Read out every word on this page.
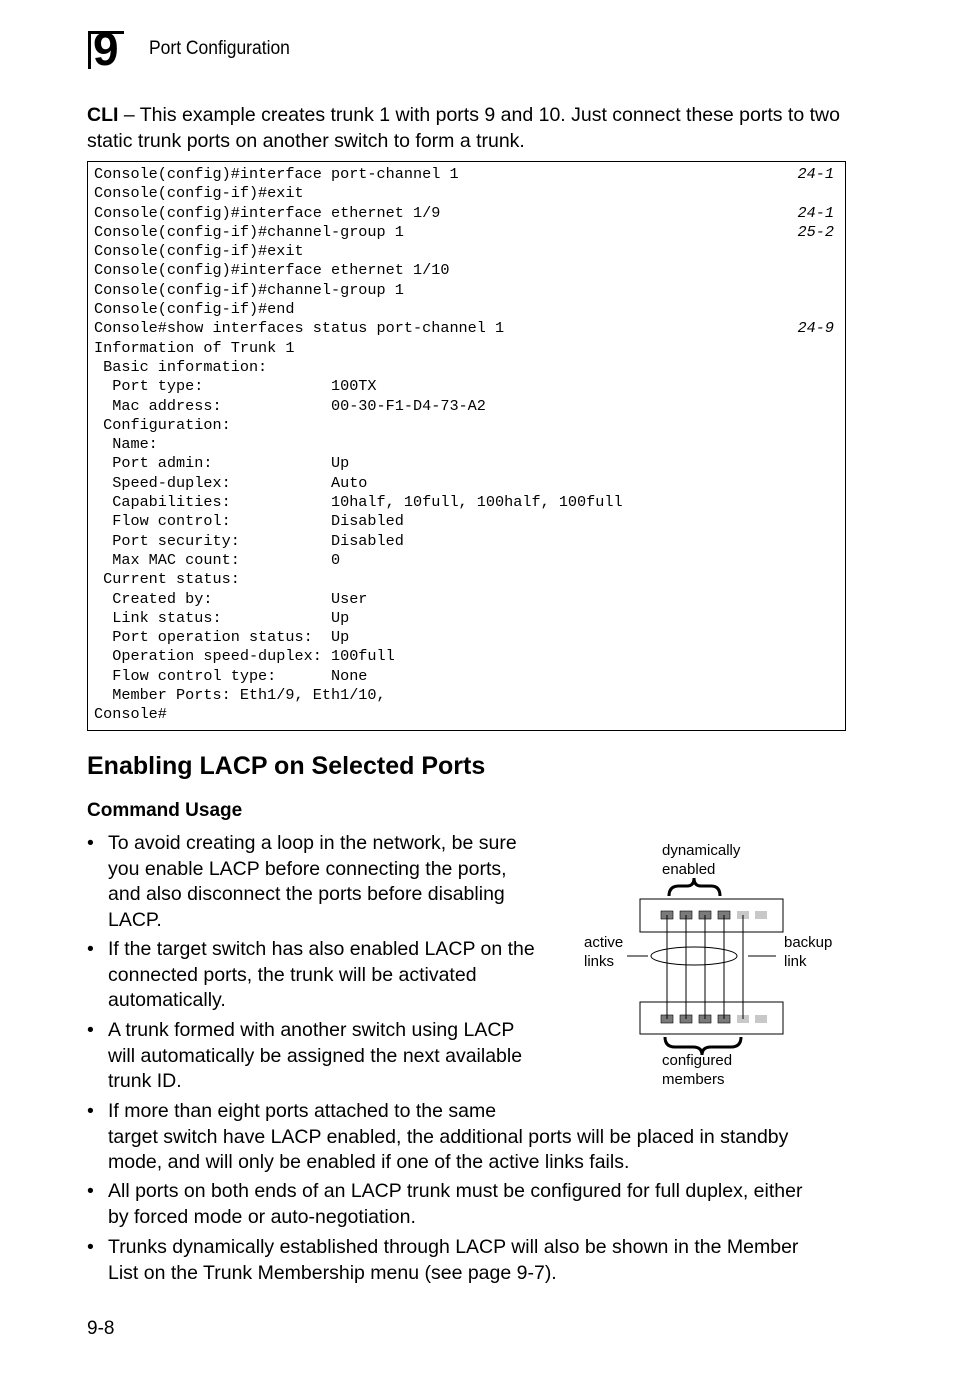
9 Port Configuration
CLI – This example creates trunk 1 with ports 9 and 10. Just connect these ports to two static trunk ports on another switch to form a trunk.
Console(config)#interface port-channel 1	24-1
Console(config-if)#exit
Console(config)#interface ethernet 1/9	24-1
Console(config-if)#channel-group 1	25-2
Console(config-if)#exit
Console(config)#interface ethernet 1/10
Console(config-if)#channel-group 1
Console(config-if)#end
Console#show interfaces status port-channel 1	24-9
Information of Trunk 1
Basic information:
Port type:              100TX
Mac address:            00-30-F1-D4-73-A2
Configuration:
Name:
Port admin:             Up
Speed-duplex:           Auto
Capabilities:           10half, 10full, 100half, 100full
Flow control:           Disabled
Port security:          Disabled
Max MAC count:          0
Current status:
Created by:             User
Link status:            Up
Port operation status:  Up
Operation speed-duplex: 100full
Flow control type:      None
Member Ports: Eth1/9, Eth1/10,
Console#
Enabling LACP on Selected Ports
Command Usage
• To avoid creating a loop in the network, be sure
you enable LACP before connecting the ports,
and also disconnect the ports before disabling
LACP.
• If the target switch has also enabled LACP on the
connected ports, the trunk will be activated
automatically.
• A trunk formed with another switch using LACP
will automatically be assigned the next available
trunk ID.
• If more than eight ports attached to the same
target switch have LACP enabled, the additional ports will be placed in standby
mode, and will only be enabled if one of the active links fails.
• All ports on both ends of an LACP trunk must be configured for full duplex, either
by forced mode or auto-negotiation.
• Trunks dynamically established through LACP will also be shown in the Member
List on the Trunk Membership menu (see page 9-7).
dynamically
enabled
active
links
backup
link
configured
members
9-8
